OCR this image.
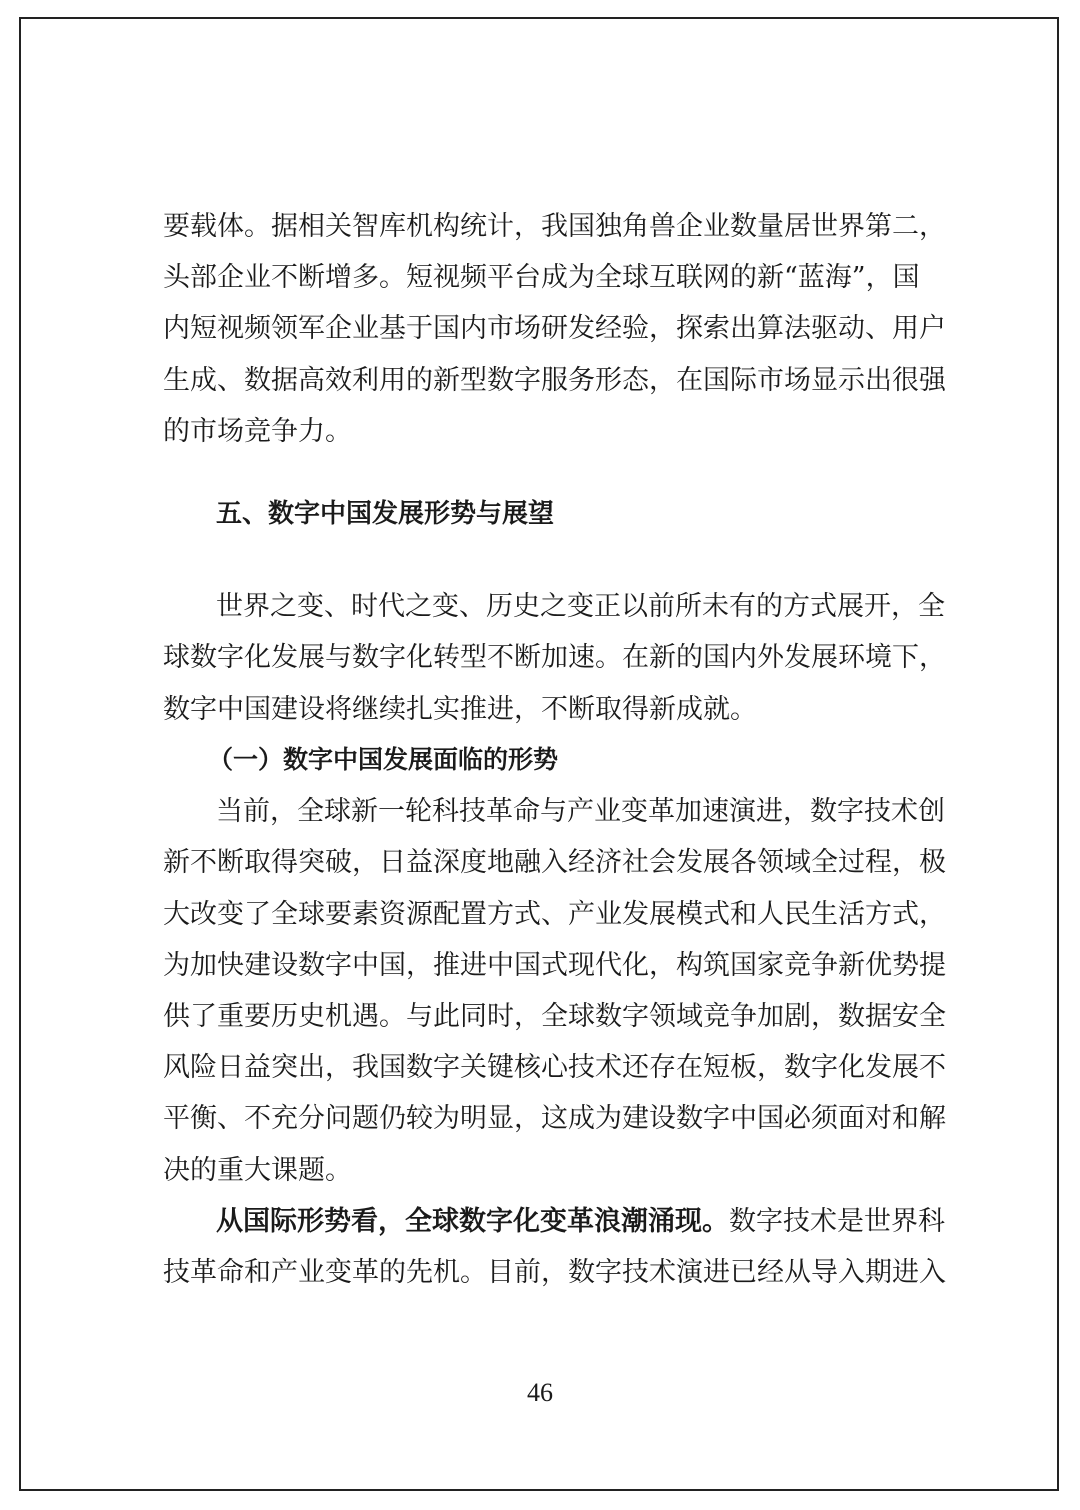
要载体。据相关智库机构统计，我国独角兽企业数量居世界第二，
头部企业不断增多。短视频平台成为全球互联网的新“蓝海”，国
内短视频领军企业基于国内市场研发经验，探索出算法驱动、用户
生成、数据高效利用的新型数字服务形态，在国际市场显示出很强
的市场竞争力。
五、数字中国发展形势与展望
世界之变、时代之变、历史之变正以前所未有的方式展开，全
球数字化发展与数字化转型不断加速。在新的国内外发展环境下，
数字中国建设将继续扎实推进，不断取得新成就。
（一）数字中国发展面临的形势
当前，全球新一轮科技革命与产业变革加速演进，数字技术创
新不断取得突破，日益深度地融入经济社会发展各领域全过程，极
大改变了全球要素资源配置方式、产业发展模式和人民生活方式，
为加快建设数字中国，推进中国式现代化，构筑国家竞争新优势提
供了重要历史机遇。与此同时，全球数字领域竞争加剧，数据安全
风险日益突出，我国数字关键核心技术还存在短板，数字化发展不
平衡、不充分问题仍较为明显，这成为建设数字中国必须面对和解
决的重大课题。
从国际形势看，全球数字化变革浪潮涌现。数字技术是世界科
技革命和产业变革的先机。目前，数字技术演进已经从导入期进入
46
